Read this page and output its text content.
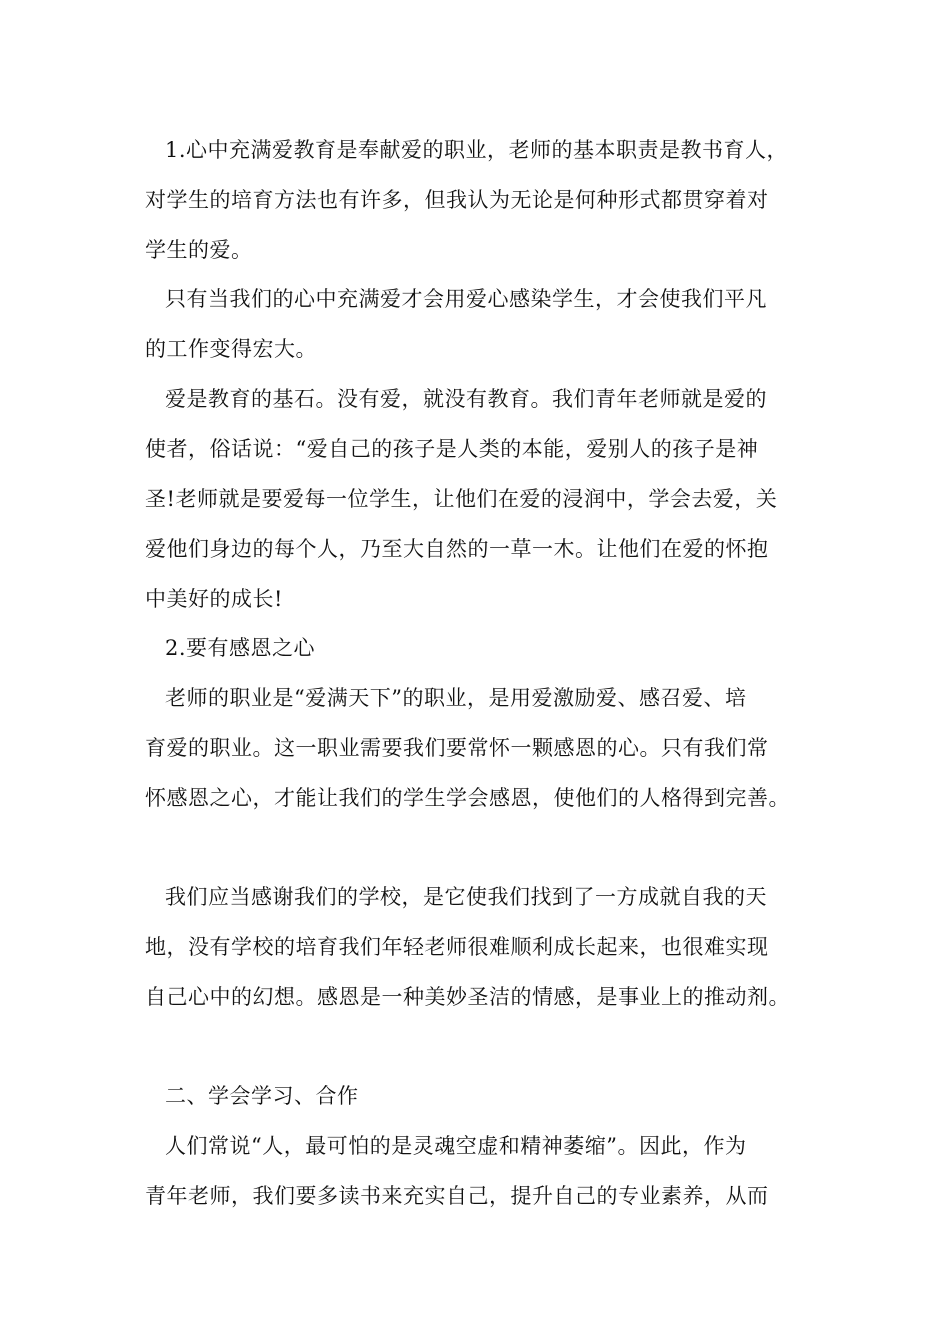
1.心中充满爱教育是奉献爱的职业，老师的基本职责是教书育人，
对学生的培育方法也有许多，但我认为无论是何种形式都贯穿着对
学生的爱。
只有当我们的心中充满爱才会用爱心感染学生，才会使我们平凡
的工作变得宏大。
爱是教育的基石。没有爱，就没有教育。我们青年老师就是爱的
使者，俗话说：“爱自己的孩子是人类的本能，爱别人的孩子是神
圣!老师就是要爱每一位学生，让他们在爱的浸润中，学会去爱，关
爱他们身边的每个人，乃至大自然的一草一木。让他们在爱的怀抱
中美好的成长!
2.要有感恩之心
老师的职业是“爱满天下”的职业，是用爱激励爱、感召爱、培
育爱的职业。这一职业需要我们要常怀一颗感恩的心。只有我们常
怀感恩之心，才能让我们的学生学会感恩，使他们的人格得到完善。
我们应当感谢我们的学校，是它使我们找到了一方成就自我的天
地，没有学校的培育我们年轻老师很难顺利成长起来，也很难实现
自己心中的幻想。感恩是一种美妙圣洁的情感，是事业上的推动剂。
二、学会学习、合作
人们常说“人，最可怕的是灵魂空虚和精神萎缩”。因此，作为
青年老师，我们要多读书来充实自己，提升自己的专业素养，从而
